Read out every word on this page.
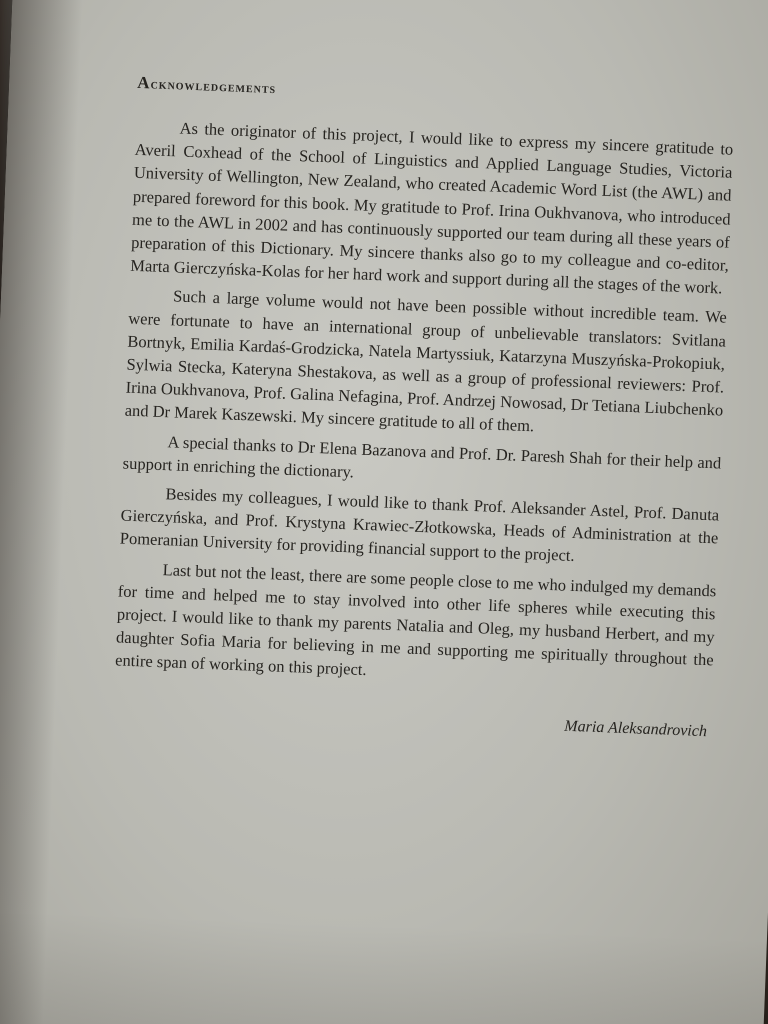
Acknowledgements

As the originator of this project, I would like to express my sincere gratitude to Averil Coxhead of the School of Linguistics and Applied Language Studies, Victoria University of Wellington, New Zealand, who created Academic Word List (the AWL) and prepared foreword for this book. My gratitude to Prof. Irina Oukhvanova, who introduced me to the AWL in 2002 and has continuously supported our team during all these years of preparation of this Dictionary. My sincere thanks also go to my colleague and co-editor, Marta Gierczyńska-Kolas for her hard work and support during all the stages of the work.

Such a large volume would not have been possible without incredible team. We were fortunate to have an international group of unbelievable translators: Svitlana Bortnyk, Emilia Kardaś-Grodzicka, Natela Martyssiuk, Katarzyna Muszyńska-Prokopiuk, Sylwia Stecka, Kateryna Shestakova, as well as a group of professional reviewers: Prof. Irina Oukhvanova, Prof. Galina Nefagina, Prof. Andrzej Nowosad, Dr Tetiana Liubchenko and Dr Marek Kaszewski. My sincere gratitude to all of them.

A special thanks to Dr Elena Bazanova and Prof. Dr. Paresh Shah for their help and support in enriching the dictionary.

Besides my colleagues, I would like to thank Prof. Aleksander Astel, Prof. Danuta Gierczyńska, and Prof. Krystyna Krawiec-Złotkowska, Heads of Administration at the Pomeranian University for providing financial support to the project.

Last but not the least, there are some people close to me who indulged my demands for time and helped me to stay involved into other life spheres while executing this project. I would like to thank my parents Natalia and Oleg, my husband Herbert, and my daughter Sofia Maria for believing in me and supporting me spiritually throughout the entire span of working on this project.

Maria Aleksandrovich
